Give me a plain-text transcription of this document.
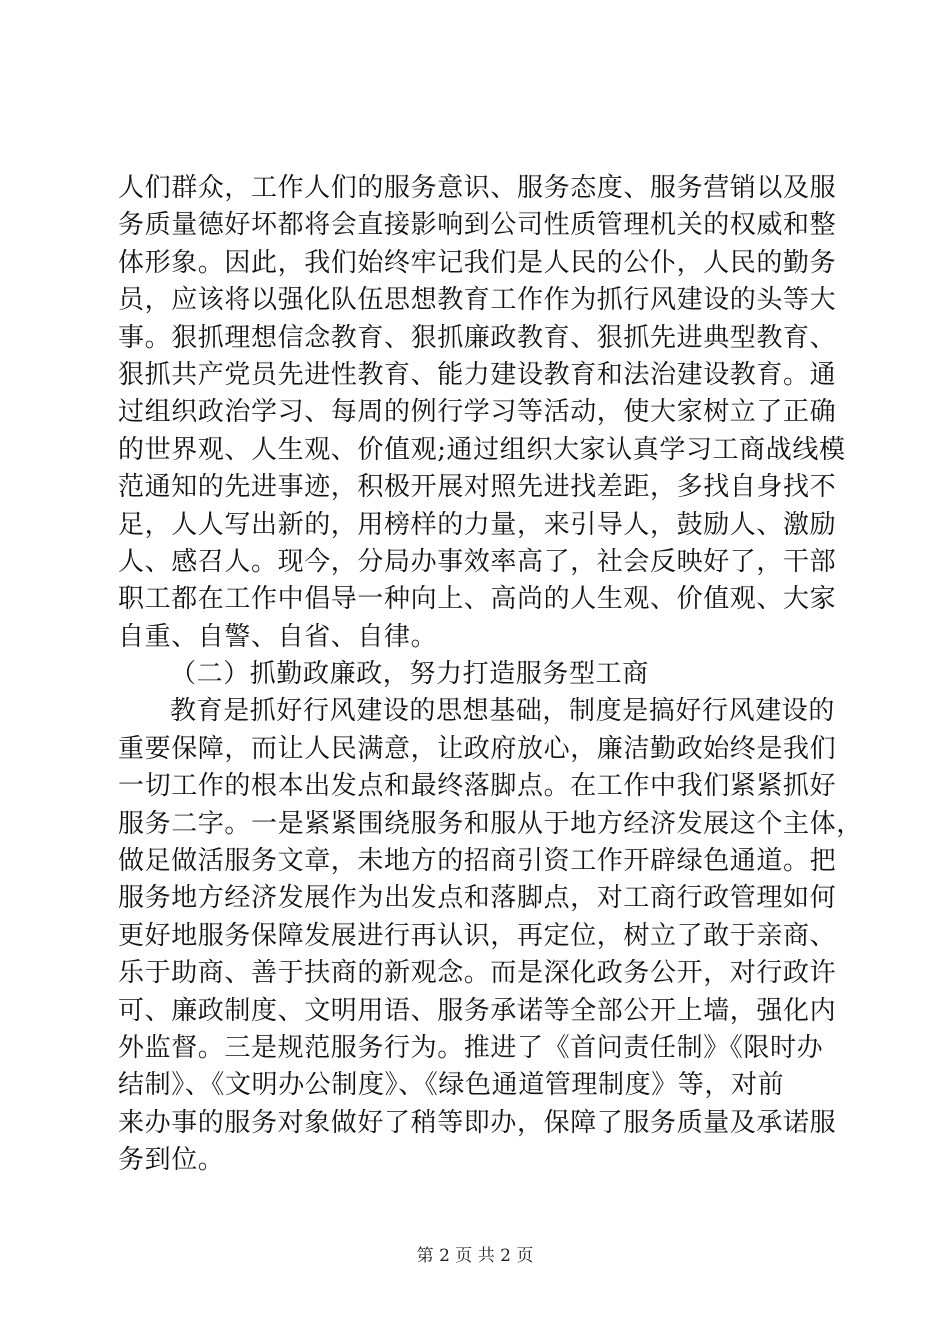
人们群众，工作人们的服务意识、服务态度、服务营销以及服
务质量德好坏都将会直接影响到公司性质管理机关的权威和整
体形象。因此，我们始终牢记我们是人民的公仆，人民的勤务
员，应该将以强化队伍思想教育工作作为抓行风建设的头等大
事。狠抓理想信念教育、狠抓廉政教育、狠抓先进典型教育、
狠抓共产党员先进性教育、能力建设教育和法治建设教育。通
过组织政治学习、每周的例行学习等活动，使大家树立了正确
的世界观、人生观、价值观;通过组织大家认真学习工商战线模
范通知的先进事迹，积极开展对照先进找差距，多找自身找不
足，人人写出新的，用榜样的力量，来引导人，鼓励人、激励
人、感召人。现今，分局办事效率高了，社会反映好了，干部
职工都在工作中倡导一种向上、高尚的人生观、价值观、大家
自重、自警、自省、自律。
（二）抓勤政廉政，努力打造服务型工商
教育是抓好行风建设的思想基础，制度是搞好行风建设的
重要保障，而让人民满意，让政府放心，廉洁勤政始终是我们
一切工作的根本出发点和最终落脚点。在工作中我们紧紧抓好
服务二字。一是紧紧围绕服务和服从于地方经济发展这个主体，
做足做活服务文章，未地方的招商引资工作开辟绿色通道。把
服务地方经济发展作为出发点和落脚点，对工商行政管理如何
更好地服务保障发展进行再认识，再定位，树立了敢于亲商、
乐于助商、善于扶商的新观念。而是深化政务公开，对行政许
可、廉政制度、文明用语、服务承诺等全部公开上墙，强化内
外监督。三是规范服务行为。推进了《首问责任制》《限时办
结制》、《文明办公制度》、《绿色通道管理制度》等，对前
来办事的服务对象做好了稍等即办，保障了服务质量及承诺服
务到位。
第 2 页 共 2 页
